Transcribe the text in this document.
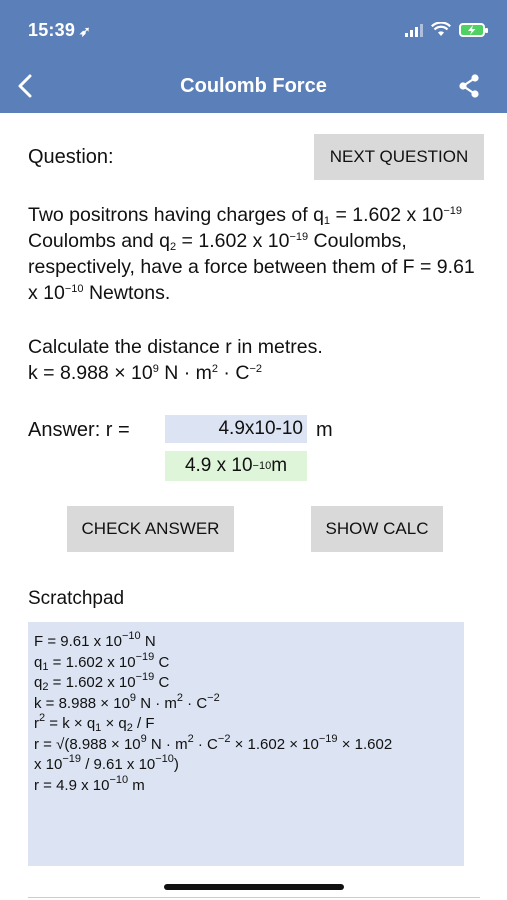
15:39 ➶
Coulomb Force
Question:	NEXT QUESTION
Two positrons having charges of $q_1 = 1.602$ x $10^{-19}$ Coulombs and $q_2 = 1.602$ x $10^{-19}$ Coulombs, respectively, have a force between them of F = 9.61 x $10^{-10}$ Newtons.
Calculate the distance r in metres.
$k = 8.988 \times 10^9$ $N \cdot m^2 \cdot C^{-2}$
Answer: r =
4.9x10-10	m
4.9 x 10 −10 m
CHECK ANSWER	SHOW CALC
Scratchpad
F = 9.61 x $10^{-10}$ N
$q_1 = 1.602$ x $10^{-19}$ C
$q_2 = 1.602$ x $10^{-19}$ C
$k = 8.988 \times 10^9$ $N \cdot m^2 \cdot C^{-2}$
$r^2 = k \times q_1 \times q_2 / F$
$r = √(8.988 \times 10^9$ $N \cdot m^2 \cdot C^{-2} \times 1.602 \times 10^{-19} \times 1.602$
x $10^{-19} / 9.61$ x $10^{-10}$)
r = 4.9 x $10^{-10}$ m
